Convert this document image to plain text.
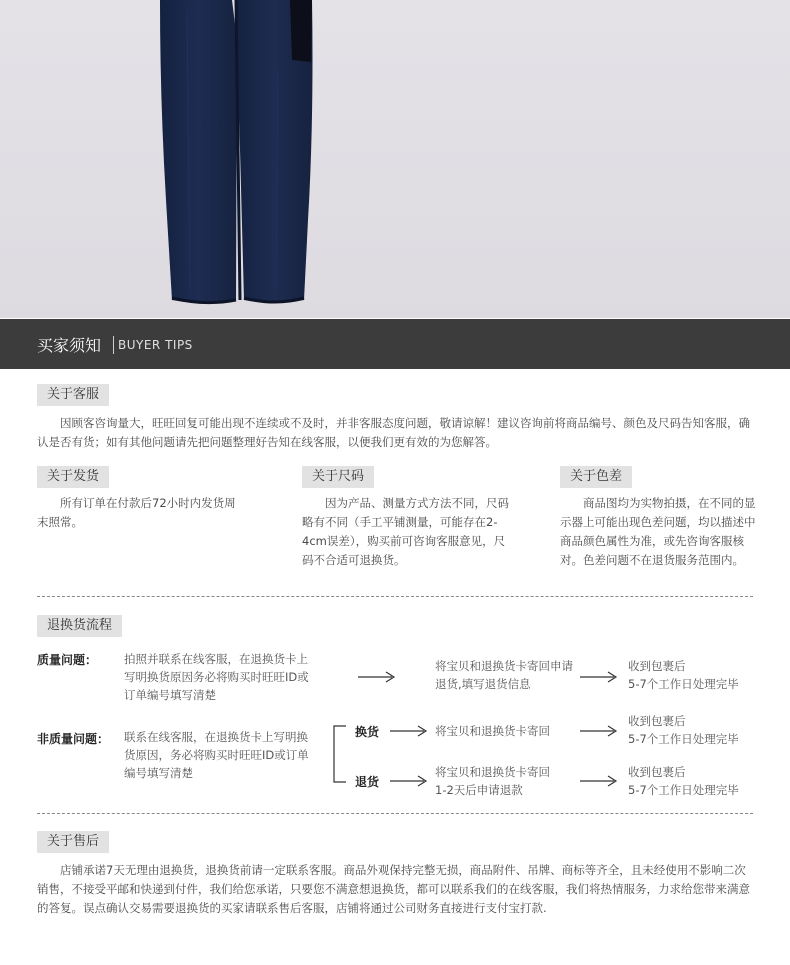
买家须知 BUYER TIPS
关于客服
因顾客咨询量大，旺旺回复可能出现不连续或不及时，并非客服态度问题，敬请谅解！建议咨询前将商品编号、颜色及尺码告知客服，确认是否有货；如有其他问题请先把问题整理好告知在线客服，以便我们更有效的为您解答。
关于发货
所有订单在付款后72小时内发货周末照常。
关于尺码
因为产品、测量方式方法不同，尺码略有不同（手工平铺测量，可能存在2-4cm误差），购买前可咨询客服意见，尺码不合适可退换货。
关于色差
商品图均为实物拍摄，在不同的显示器上可能出现色差问题，均以描述中商品颜色属性为准，或先咨询客服核对。色差问题不在退货服务范围内。
退换货流程
质量问题： 拍照并联系在线客服，在退换货卡上写明换货原因务必将购买时旺旺ID或订单编号填写清楚
将宝贝和退换货卡寄回申请退货,填写退货信息
收到包裹后
5-7个工作日处理完毕
非质量问题： 联系在线客服，在退换货卡上写明换货原因，务必将购买时旺旺ID或订单编号填写清楚
换货	将宝贝和退换货卡寄回
收到包裹后
5-7个工作日处理完毕
退货
将宝贝和退换货卡寄回
1-2天后申请退款
收到包裹后
5-7个工作日处理完毕
关于售后
店铺承诺7天无理由退换货，退换货前请一定联系客服。商品外观保持完整无损，商品附件、吊牌、商标等齐全，且未经使用不影响二次销售，不接受平邮和快递到付件，我们给您承诺，只要您不满意想退换货，都可以联系我们的在线客服，我们将热情服务，力求给您带来满意的答复。误点确认交易需要退换货的买家请联系售后客服，店铺将通过公司财务直接进行支付宝打款.
